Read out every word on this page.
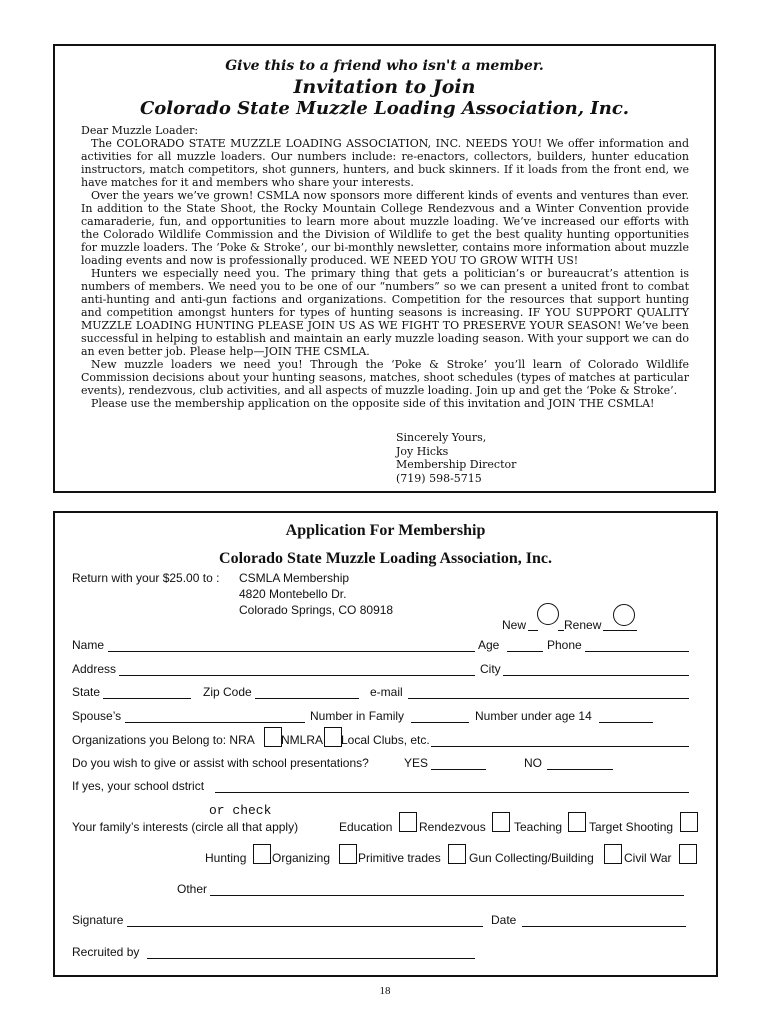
Give this to a friend who isn't a member.
Invitation to Join
Colorado State Muzzle Loading Association, Inc.

Dear Muzzle Loader:

The COLORADO STATE MUZZLE LOADING ASSOCIATION, INC. NEEDS YOU! We offer information and activities for all muzzle loaders. Our numbers include: re-enactors, collectors, builders, hunter education instructors, match competitors, shot gunners, hunters, and buck skinners. If it loads from the front end, we have matches for it and members who share your interests.

Over the years we’ve grown! CSMLA now sponsors more different kinds of events and ventures than ever. In addition to the State Shoot, the Rocky Mountain College Rendezvous and a Winter Convention provide camaraderie, fun, and opportunities to learn more about muzzle loading. We’ve increased our efforts with the Colorado Wildlife Commission and the Division of Wildlife to get the best quality hunting opportunities for muzzle loaders. The ‘Poke & Stroke’, our bi-monthly newsletter, contains more information about muzzle loading events and now is professionally produced. WE NEED YOU TO GROW WITH US!

Hunters we especially need you. The primary thing that gets a politician’s or bureaucrat’s attention is numbers of members. We need you to be one of our “numbers” so we can present a united front to combat anti-hunting and anti-gun factions and organizations. Competition for the resources that support hunting and competition amongst hunters for types of hunting seasons is increasing. IF YOU SUPPORT QUALITY MUZZLE LOADING HUNTING PLEASE JOIN US AS WE FIGHT TO PRESERVE YOUR SEASON! We’ve been successful in helping to establish and maintain an early muzzle loading season. With your support we can do an even better job. Please help—JOIN THE CSMLA.

New muzzle loaders we need you! Through the ‘Poke & Stroke’ you’ll learn of Colorado Wildlife Commission decisions about your hunting seasons, matches, shoot schedules (types of matches at particular events), rendezvous, club activities, and all aspects of muzzle loading. Join up and get the ‘Poke & Stroke’.

Please use the membership application on the opposite side of this invitation and JOIN THE CSMLA!

Sincerely Yours,
Joy Hicks
Membership Director
(719) 598-5715
Application For Membership
Colorado State Muzzle Loading Association, Inc.
Return with your $25.00 to : CSMLA Membership
4820 Montebello Dr.
Colorado Springs, CO 80918
New	Renew
Name	Age	Phone
Address	City
State	Zip Code	e-mail
Spouse’s	Number in Family	Number under age 14
Organizations you Belong to: NRA NMLRA Local Clubs, etc.
Do you wish to give or assist with school presentations?	YES	NO
If yes, your school dstrict
or check
Your family’s interests (circle all that apply)	Education Rendezvous Teaching Target Shooting
Hunting Organizing Primitive trades Gun Collecting/Building	Civil War
Other
Signature	Date
Recruited by
18
